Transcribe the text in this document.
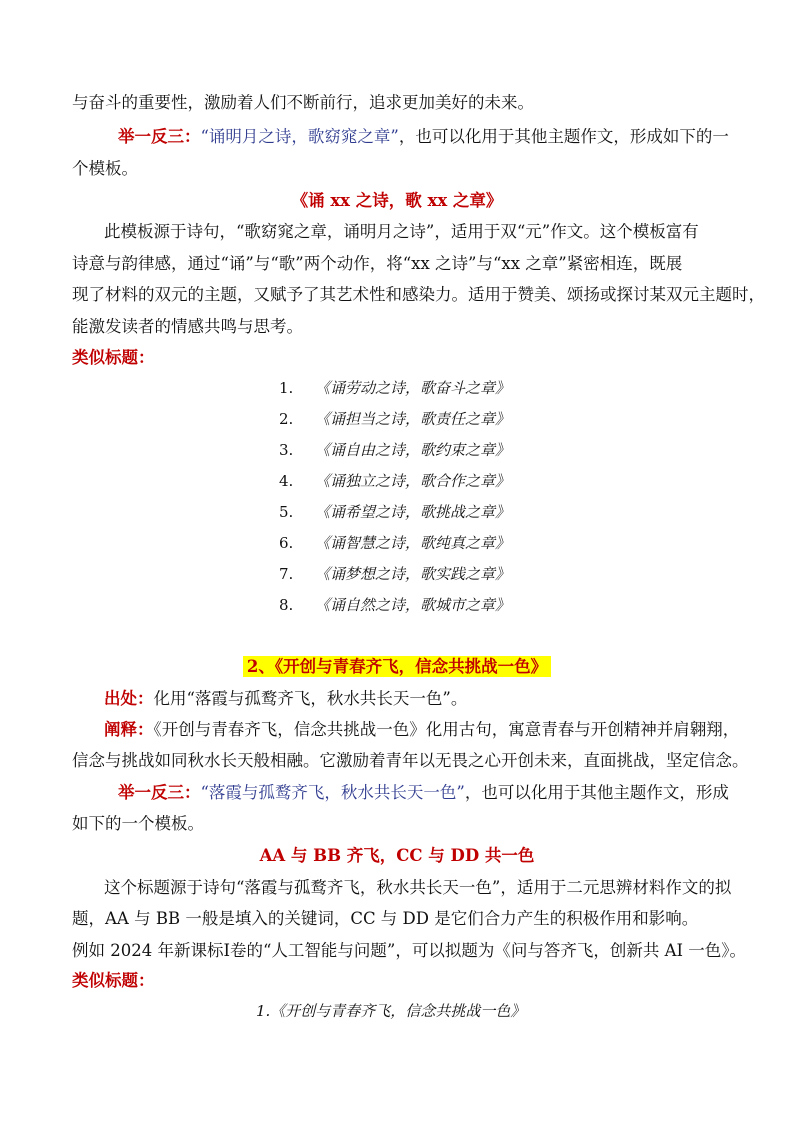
与奋斗的重要性，激励着人们不断前行，追求更加美好的未来。
举一反三：“诵明月之诗，歌窈窕之章”，也可以化用于其他主题作文，形成如下的一
个模板。
《诵 xx 之诗，歌 xx 之章》
此模板源于诗句，“歌窈窕之章，诵明月之诗”，适用于双“元”作文。这个模板富有
诗意与韵律感，通过“诵”与“歌”两个动作，将“xx 之诗”与“xx 之章”紧密相连，既展
现了材料的双元的主题，又赋予了其艺术性和感染力。适用于赞美、颂扬或探讨某双元主题时，
能激发读者的情感共鸣与思考。
类似标题：
1. 《诵劳动之诗，歌奋斗之章》
2. 《诵担当之诗，歌责任之章》
3. 《诵自由之诗，歌约束之章》
4. 《诵独立之诗，歌合作之章》
5. 《诵希望之诗，歌挑战之章》
6. 《诵智慧之诗，歌纯真之章》
7. 《诵梦想之诗，歌实践之章》
8. 《诵自然之诗，歌城市之章》
2、《开创与青春齐飞，信念共挑战一色》
出处：化用“落霞与孤鹜齐飞，秋水共长天一色”。
阐释：《开创与青春齐飞，信念共挑战一色》化用古句，寓意青春与开创精神并肩翱翔，
信念与挑战如同秋水长天般相融。它激励着青年以无畏之心开创未来，直面挑战，坚定信念。
举一反三：“落霞与孤鹜齐飞，秋水共长天一色”，也可以化用于其他主题作文，形成
如下的一个模板。
AA 与 BB 齐飞，CC 与 DD 共一色
这个标题源于诗句“落霞与孤鹜齐飞，秋水共长天一色”，适用于二元思辨材料作文的拟
题，AA 与 BB 一般是填入的关键词，CC 与 DD 是它们合力产生的积极作用和影响。
例如 2024 年新课标Ⅰ卷的“人工智能与问题”，可以拟题为《问与答齐飞，创新共 AI 一色》。
类似标题：
1.《开创与青春齐飞，信念共挑战一色》
